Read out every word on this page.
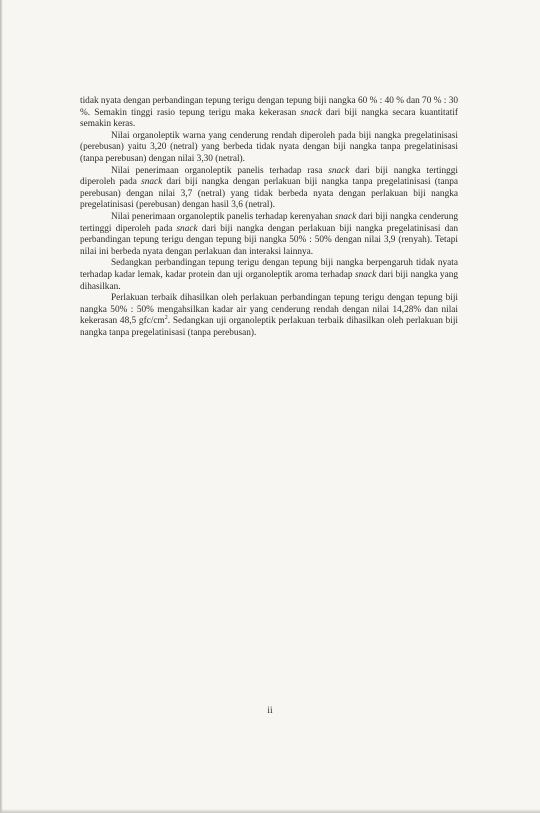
tidak nyata dengan perbandingan tepung terigu dengan tepung biji nangka 60 % : 40 % dan 70 % : 30 %. Semakin tinggi rasio tepung terigu maka kekerasan snack dari biji nangka secara kuantitatif semakin keras.

Nilai organoleptik warna yang cenderung rendah diperoleh pada biji nangka pregelatinisasi (perebusan) yaitu 3,20 (netral) yang berbeda tidak nyata dengan biji nangka tanpa pregelatinisasi (tanpa perebusan) dengan nilai 3,30 (netral).

Nilai penerimaan organoleptik panelis terhadap rasa snack dari biji nangka tertinggi diperoleh pada snack dari biji nangka dengan perlakuan biji nangka tanpa pregelatinisasi (tanpa perebusan) dengan nilai 3,7 (netral) yang tidak berbeda nyata dengan perlakuan biji nangka pregelatinisasi (perebusan) dengan hasil 3,6 (netral).

Nilai penerimaan organoleptik panelis terhadap kerenyahan snack dari biji nangka cenderung tertinggi diperoleh pada snack dari biji nangka dengan perlakuan biji nangka pregelatinisasi dan perbandingan tepung terigu dengan tepung biji nangka 50% : 50% dengan nilai 3,9 (renyah). Tetapi nilai ini berbeda nyata dengan perlakuan dan interaksi lainnya.

Sedangkan perbandingan tepung terigu dengan tepung biji nangka berpengaruh tidak nyata terhadap kadar lemak, kadar protein dan uji organoleptik aroma terhadap snack dari biji nangka yang dihasilkan.

Perlakuan terbaik dihasilkan oleh perlakuan perbandingan tepung terigu dengan tepung biji nangka 50% : 50% mengahsilkan kadar air yang cenderung rendah dengan nilai 14,28% dan nilai kekerasan 48,5 gfc/$cm^2$. Sedangkan uji organoleptik perlakuan terbaik dihasilkan oleh perlakuan biji nangka tanpa pregelatinisasi (tanpa perebusan).

ii
